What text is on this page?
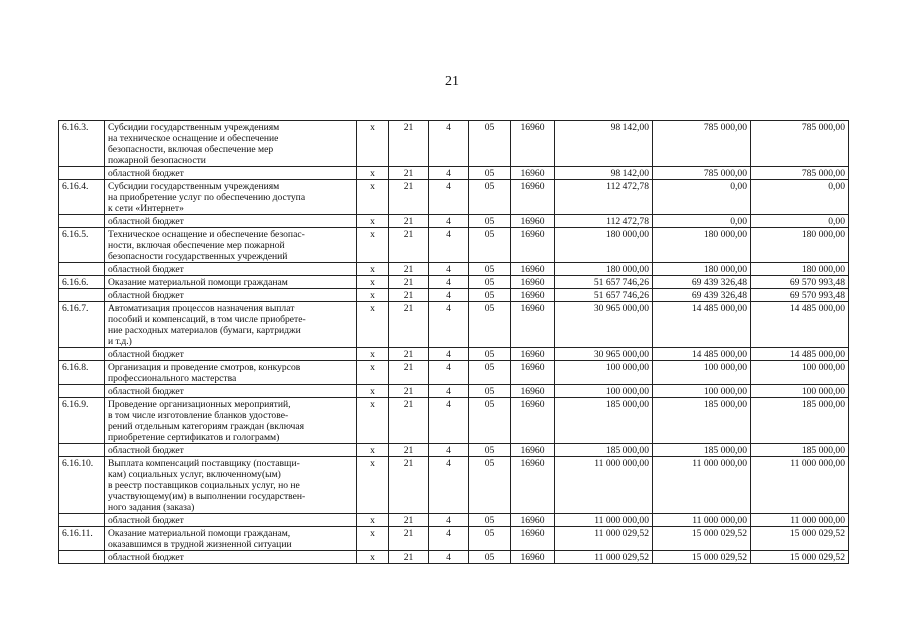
21
6.16.3.	Субсидии государственным учреждениям
на техническое оснащение и обеспечение
безопасности, включая обеспечение мер
пожарной безопасности	х	21	4	05	16960	98 142,00	785 000,00	785 000,00

	областной бюджет	х	21	4	05	16960	98 142,00	785 000,00	785 000,00
6.16.4.	Субсидии государственным учреждениям
на приобретение услуг по обеспечению доступа
к сети «Интернет»	х	21	4	05	16960	112 472,78	0,00	0,00

	областной бюджет	х	21	4	05	16960	112 472,78	0,00	0,00
6.16.5.	Техническое оснащение и обеспечение безопас-
ности, включая обеспечение мер пожарной
безопасности государственных учреждений	х	21	4	05	16960	180 000,00	180 000,00	180 000,00

	областной бюджет	х	21	4	05	16960	180 000,00	180 000,00	180 000,00
6.16.6.	Оказание материальной помощи гражданам	х	21	4	05	16960	51 657 746,26	69 439 326,48	69 570 993,48

	областной бюджет	х	21	4	05	16960	51 657 746,26	69 439 326,48	69 570 993,48
6.16.7.	Автоматизация процессов назначения выплат
пособий и компенсаций, в том числе приобрете-
ние расходных материалов (бумаги, картриджи
и т.д.)	х	21	4	05	16960	30 965 000,00	14 485 000,00	14 485 000,00

	областной бюджет	х	21	4	05	16960	30 965 000,00	14 485 000,00	14 485 000,00
6.16.8.	Организация и проведение смотров, конкурсов
профессионального мастерства	х	21	4	05	16960	100 000,00	100 000,00	100 000,00

	областной бюджет	х	21	4	05	16960	100 000,00	100 000,00	100 000,00
6.16.9.	Проведение организационных мероприятий,
в том числе изготовление бланков удостове-
рений отдельным категориям граждан (включая
приобретение сертификатов и голограмм)	х	21	4	05	16960	185 000,00	185 000,00	185 000,00

	областной бюджет	х	21	4	05	16960	185 000,00	185 000,00	185 000,00
6.16.10.	Выплата компенсаций поставщику (поставщи-
кам) социальных услуг, включенному(ым)
в реестр поставщиков социальных услуг, но не
участвующему(им) в выполнении государствен-
ного задания (заказа)	х	21	4	05	16960	11 000 000,00	11 000 000,00	11 000 000,00

	областной бюджет	х	21	4	05	16960	11 000 000,00	11 000 000,00	11 000 000,00
6.16.11.	Оказание материальной помощи гражданам,
оказавшимся в трудной жизненной ситуации	х	21	4	05	16960	11 000 029,52	15 000 029,52	15 000 029,52

	областной бюджет	х	21	4	05	16960	11 000 029,52	15 000 029,52	15 000 029,52
